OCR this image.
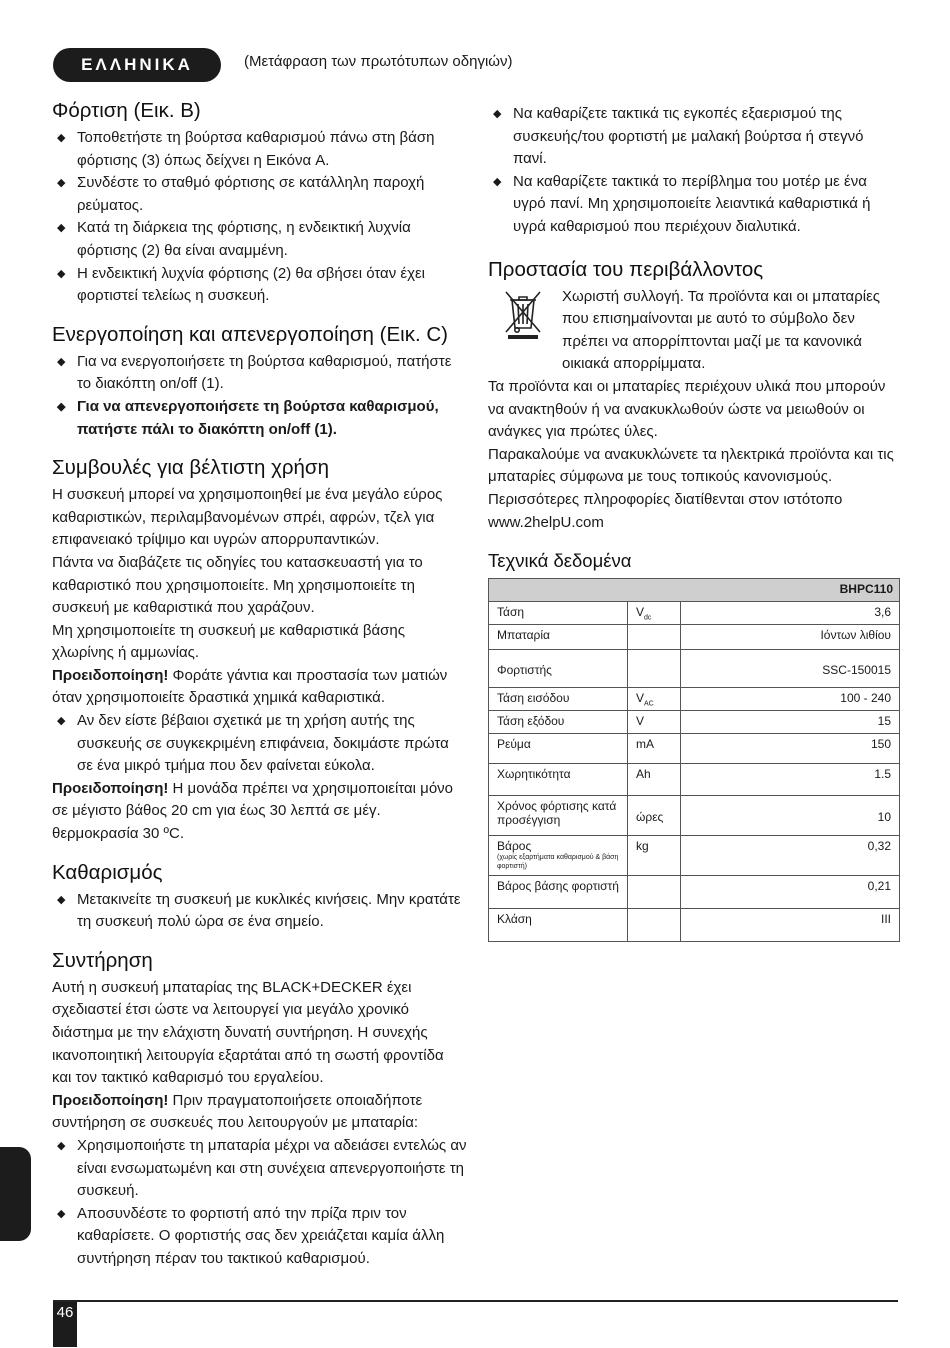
ΕΛΛΗΝΙΚΑ	(Μετάφραση των πρωτότυπων οδηγιών)
Φόρτιση (Εικ. B)
◆ Τοποθετήστε τη βούρτσα καθαρισμού πάνω στη βάση φόρτισης (3) όπως δείχνει η Εικόνα A.
◆ Συνδέστε το σταθμό φόρτισης σε κατάλληλη παροχή ρεύματος.
◆ Κατά τη διάρκεια της φόρτισης, η ενδεικτική λυχνία φόρτισης (2) θα είναι αναμμένη.
◆ Η ενδεικτική λυχνία φόρτισης (2) θα σβήσει όταν έχει φορτιστεί τελείως η συσκευή.
Ενεργοποίηση και απενεργοποίηση (Εικ. C)
◆ Για να ενεργοποιήσετε τη βούρτσα καθαρισμού, πατήστε το διακόπτη on/off (1).
◆ Για να απενεργοποιήσετε τη βούρτσα καθαρισμού, πατήστε πάλι το διακόπτη on/off (1).
Συμβουλές για βέλτιστη χρήση

Η συσκευή μπορεί να χρησιμοποιηθεί με ένα μεγάλο εύρος καθαριστικών, περιλαμβανομένων σπρέι, αφρών, τζελ για επιφανειακό τρίψιμο και υγρών απορρυπαντικών.

Πάντα να διαβάζετε τις οδηγίες του κατασκευαστή για το καθαριστικό που χρησιμοποιείτε. Μη χρησιμοποιείτε τη συσκευή με καθαριστικά που χαράζουν.

Μη χρησιμοποιείτε τη συσκευή με καθαριστικά βάσης χλωρίνης ή αμμωνίας.

Προειδοποίηση! Φοράτε γάντια και προστασία των ματιών όταν χρησιμοποιείτε δραστικά χημικά καθαριστικά.

◆ Αν δεν είστε βέβαιοι σχετικά με τη χρήση αυτής της συσκευής σε συγκεκριμένη επιφάνεια, δοκιμάστε πρώτα σε ένα μικρό τμήμα που δεν φαίνεται εύκολα.

Προειδοποίηση! Η μονάδα πρέπει να χρησιμοποιείται μόνο σε μέγιστο βάθος 20 cm για έως 30 λεπτά σε μέγ. θερμοκρασία 30 ºC.

Καθαρισμός
◆ Μετακινείτε τη συσκευή με κυκλικές κινήσεις. Μην κρατάτε τη συσκευή πολύ ώρα σε ένα σημείο.
Συντήρηση

Αυτή η συσκευή μπαταρίας της BLACK+DECKER έχει σχεδιαστεί έτσι ώστε να λειτουργεί για μεγάλο χρονικό διάστημα με την ελάχιστη δυνατή συντήρηση. Η συνεχής ικανοποιητική λειτουργία εξαρτάται από τη σωστή φροντίδα και τον τακτικό καθαρισμό του εργαλείου.

Προειδοποίηση! Πριν πραγματοποιήσετε οποιαδήποτε συντήρηση σε συσκευές που λειτουργούν με μπαταρία:

◆ Χρησιμοποιήστε τη μπαταρία μέχρι να αδειάσει εντελώς αν είναι ενσωματωμένη και στη συνέχεια απενεργοποιήστε τη συσκευή.
◆ Αποσυνδέστε το φορτιστή από την πρίζα πριν τον καθαρίσετε. Ο φορτιστής σας δεν χρειάζεται καμία άλλη συντήρηση πέραν του τακτικού καθαρισμού.
◆ Να καθαρίζετε τακτικά τις εγκοπές εξαερισμού της συσκευής/του φορτιστή με μαλακή βούρτσα ή στεγνό πανί.
◆ Να καθαρίζετε τακτικά το περίβλημα του μοτέρ με ένα υγρό πανί. Μη χρησιμοποιείτε λειαντικά καθαριστικά ή υγρά καθαρισμού που περιέχουν διαλυτικά.
Προστασία του περιβάλλοντος
Χωριστή συλλογή. Τα προϊόντα και οι μπαταρίες που επισημαίνονται με αυτό το σύμβολο δεν πρέπει να απορρίπτονται μαζί με τα κανονικά οικιακά απορρίμματα.

Τα προϊόντα και οι μπαταρίες περιέχουν υλικά που μπορούν να ανακτηθούν ή να ανακυκλωθούν ώστε να μειωθούν οι ανάγκες για πρώτες ύλες.

Παρακαλούμε να ανακυκλώνετε τα ηλεκτρικά προϊόντα και τις μπαταρίες σύμφωνα με τους τοπικούς κανονισμούς.

Περισσότερες πληροφορίες διατίθενται στον ιστότοπο www.2helpU.com

Τεχνικά δεδομένα
BHPC110		
Τάση	$V_{dc}$	3,6
Μπαταρία		Ιόντων λιθίου
Φορτιστής		SSC-150015
Τάση εισόδου	$V_{AC}$	100 - 240
Τάση εξόδου	V	15
Ρεύμα	mA	150
Χωρητικότητα	Ah	1.5
Χρόνος φόρτισης κατά προσέγγιση	ώρες	10
Βάρος
(χωρίς εξαρτήματα καθαρισμού & βάση φορτιστή)	kg	0,32
Βάρος βάσης φορτιστή		0,21
Κλάση		III
46
